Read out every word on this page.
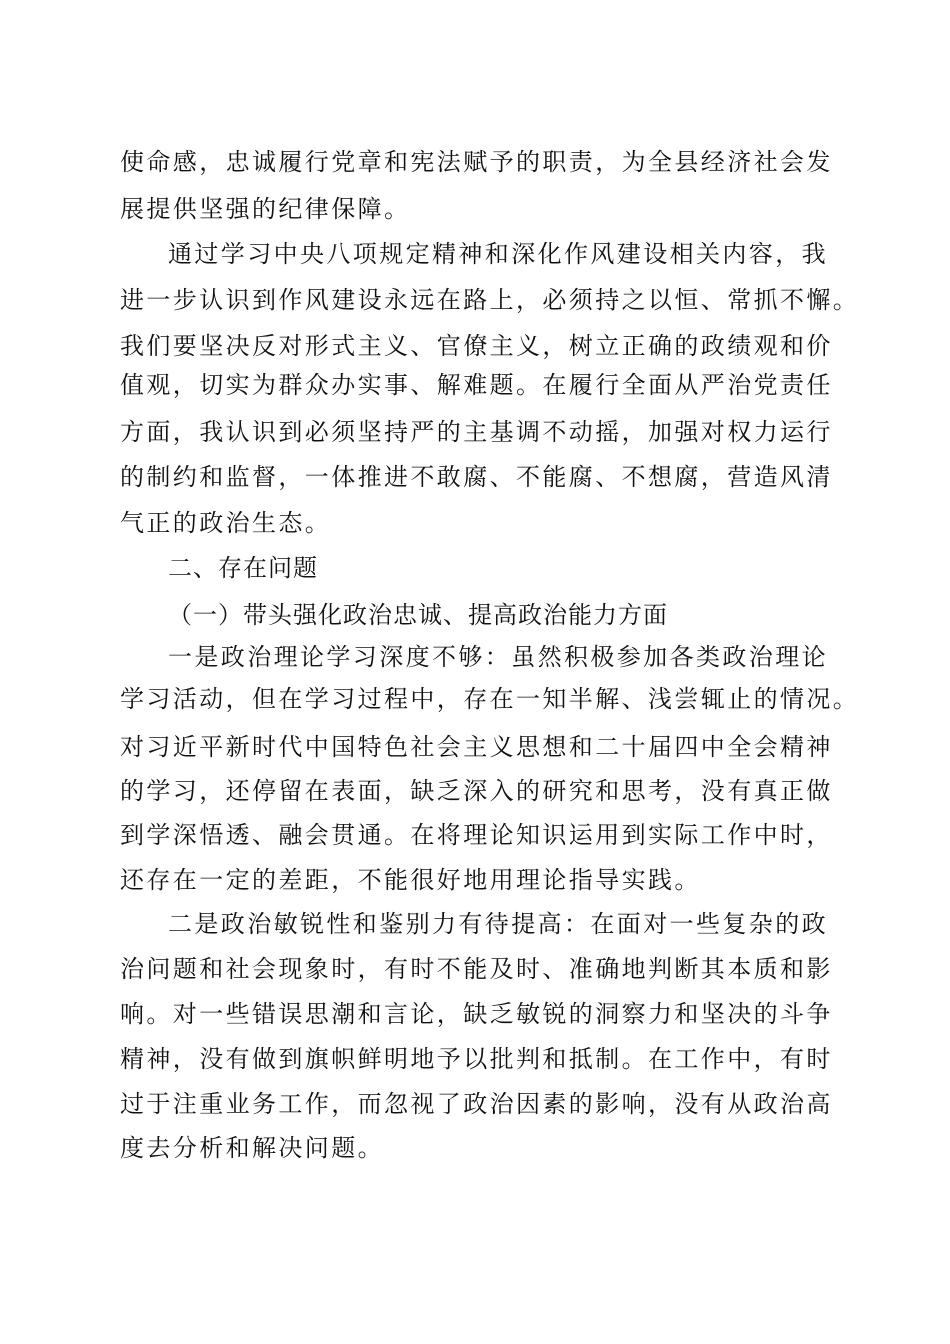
使命感，忠诚履行党章和宪法赋予的职责，为全县经济社会发
展提供坚强的纪律保障。
通过学习中央八项规定精神和深化作风建设相关内容，我
进一步认识到作风建设永远在路上，必须持之以恒、常抓不懈。
我们要坚决反对形式主义、官僚主义，树立正确的政绩观和价
值观，切实为群众办实事、解难题。在履行全面从严治党责任
方面，我认识到必须坚持严的主基调不动摇，加强对权力运行
的制约和监督，一体推进不敢腐、不能腐、不想腐，营造风清
气正的政治生态。
二、存在问题
（一）带头强化政治忠诚、提高政治能力方面
一是政治理论学习深度不够：虽然积极参加各类政治理论
学习活动，但在学习过程中，存在一知半解、浅尝辄止的情况。
对习近平新时代中国特色社会主义思想和二十届四中全会精神
的学习，还停留在表面，缺乏深入的研究和思考，没有真正做
到学深悟透、融会贯通。在将理论知识运用到实际工作中时，
还存在一定的差距，不能很好地用理论指导实践。
二是政治敏锐性和鉴别力有待提高：在面对一些复杂的政
治问题和社会现象时，有时不能及时、准确地判断其本质和影
响。对一些错误思潮和言论，缺乏敏锐的洞察力和坚决的斗争
精神，没有做到旗帜鲜明地予以批判和抵制。在工作中，有时
过于注重业务工作，而忽视了政治因素的影响，没有从政治高
度去分析和解决问题。
